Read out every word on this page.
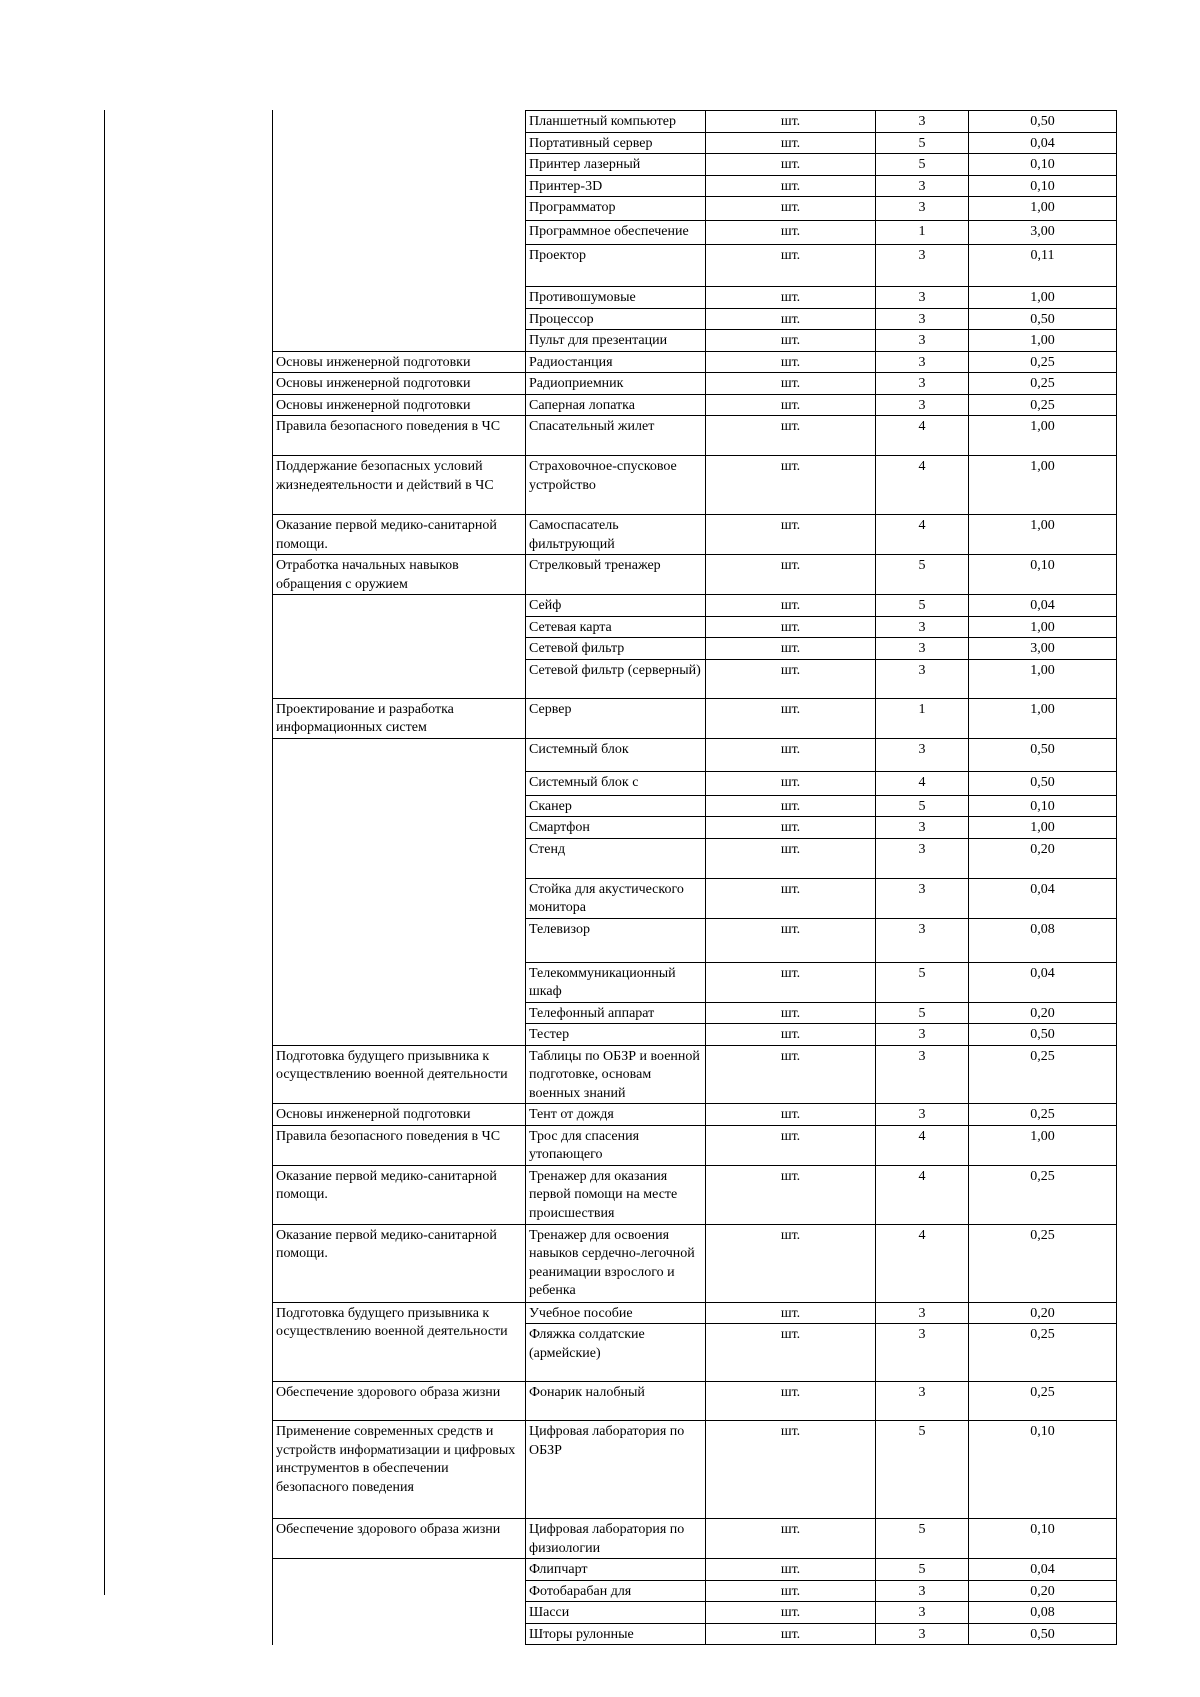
	Планшетный компьютер	шт.	3	0,50
	Портативный сервер	шт.	5	0,04
	Принтер лазерный	шт.	5	0,10
	Принтер-3D	шт.	3	0,10
	Программатор	шт.	3	1,00
	Программное обеспечение	шт.	1	3,00
	Проектор	шт.	3	0,11
	Противошумовые	шт.	3	1,00
	Процессор	шт.	3	0,50
	Пульт для презентации	шт.	3	1,00
Основы инженерной подготовки	Радиостанция	шт.	3	0,25
Основы инженерной подготовки	Радиоприемник	шт.	3	0,25
Основы инженерной подготовки	Саперная лопатка	шт.	3	0,25
Правила безопасного поведения в ЧС	Спасательный жилет	шт.	4	1,00
Поддержание безопасных условий жизнедеятельности и действий в ЧС	Страховочное-спусковое устройство	шт.	4	1,00
Оказание первой медико-санитарной помощи.	Самоспасатель фильтрующий	шт.	4	1,00
Отработка начальных навыков обращения с оружием	Стрелковый тренажер	шт.	5	0,10
	Сейф	шт.	5	0,04
	Сетевая карта	шт.	3	1,00
	Сетевой фильтр	шт.	3	3,00
	Сетевой фильтр (серверный)	шт.	3	1,00
Проектирование и разработка информационных систем	Сервер	шт.	1	1,00
	Системный блок	шт.	3	0,50
	Системный блок с	шт.	4	0,50
	Сканер	шт.	5	0,10
	Смартфон	шт.	3	1,00
	Стенд	шт.	3	0,20
	Стойка для акустического монитора	шт.	3	0,04
	Телевизор	шт.	3	0,08
	Телекоммуникационный шкаф	шт.	5	0,04
	Телефонный аппарат	шт.	5	0,20
	Тестер	шт.	3	0,50
Подготовка будущего призывника к осуществлению военной деятельности	Таблицы по ОБЗР и военной подготовке, основам военных знаний	шт.	3	0,25
Основы инженерной подготовки	Тент от дождя	шт.	3	0,25
Правила безопасного поведения в ЧС	Трос для спасения утопающего	шт.	4	1,00
Оказание первой медико-санитарной помощи.	Тренажер для оказания первой помощи на месте происшествия	шт.	4	0,25
Оказание первой медико-санитарной помощи.	Тренажер для освоения навыков сердечно-легочной реанимации взрослого и ребенка	шт.	4	0,25
Подготовка будущего призывника к осуществлению военной деятельности	Учебное пособие	шт.	3	0,20
	Фляжка солдатские (армейские)	шт.	3	0,25
Обеспечение здорового образа жизни	Фонарик налобный	шт.	3	0,25
Применение современных средств и устройств информатизации и цифровых инструментов в обеспечении безопасного поведения	Цифровая лаборатория по ОБЗР	шт.	5	0,10
Обеспечение здорового образа жизни	Цифровая лаборатория по физиологии	шт.	5	0,10
	Флипчарт	шт.	5	0,04
	Фотобарабан для	шт.	3	0,20
	Шасси	шт.	3	0,08
	Шторы рулонные	шт.	3	0,50
